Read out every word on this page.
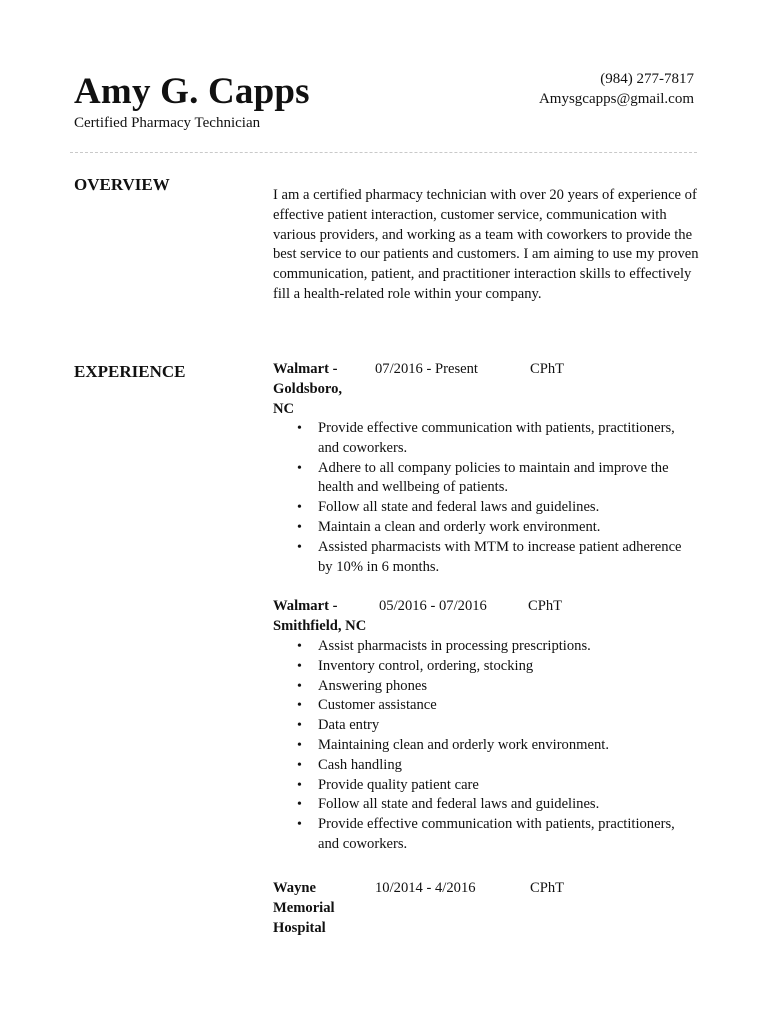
Amy G. Capps
Certified Pharmacy Technician
(984) 277-7817
Amysgcapps@gmail.com
OVERVIEW
I am a certified pharmacy technician with over 20 years of experience of effective patient interaction, customer service, communication with various providers, and working as a team with coworkers to provide the best service to our patients and customers. I am aiming to use my proven communication, patient, and practitioner interaction skills to effectively fill a health-related role within your company.
EXPERIENCE	Walmart -
Goldsboro,
NC
07/2016 - Present	CPhT
• Provide effective communication with patients, practitioners, and coworkers.
• Adhere to all company policies to maintain and improve the health and wellbeing of patients.
• Follow all state and federal laws and guidelines.
• Maintain a clean and orderly work environment.
• Assisted pharmacists with MTM to increase patient adherence by 10% in 6 months.
Walmart -
Smithfield, NC
05/2016 - 07/2016	CPhT
• Assist pharmacists in processing prescriptions.
• Inventory control, ordering, stocking
• Answering phones
• Customer assistance
• Data entry
• Maintaining clean and orderly work environment.
• Cash handling
• Provide quality patient care
• Follow all state and federal laws and guidelines.
• Provide effective communication with patients, practitioners, and coworkers.
Wayne
Memorial
Hospital
10/2014 - 4/2016	CPhT
